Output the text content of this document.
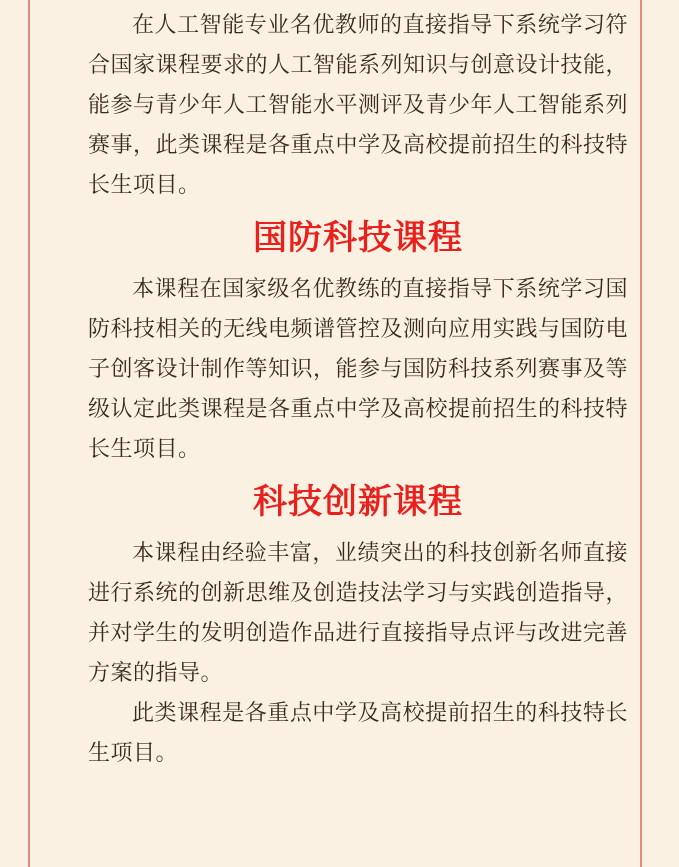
在人工智能专业名优教师的直接指导下系统学习符合国家课程要求的人工智能系列知识与创意设计技能，能参与青少年人工智能水平测评及青少年人工智能系列赛事，此类课程是各重点中学及高校提前招生的科技特长生项目。

国防科技课程

本课程在国家级名优教练的直接指导下系统学习国防科技相关的无线电频谱管控及测向应用实践与国防电子创客设计制作等知识，能参与国防科技系列赛事及等级认定此类课程是各重点中学及高校提前招生的科技特长生项目。

科技创新课程

本课程由经验丰富，业绩突出的科技创新名师直接进行系统的创新思维及创造技法学习与实践创造指导，并对学生的发明创造作品进行直接指导点评与改进完善方案的指导。

此类课程是各重点中学及高校提前招生的科技特长生项目。
